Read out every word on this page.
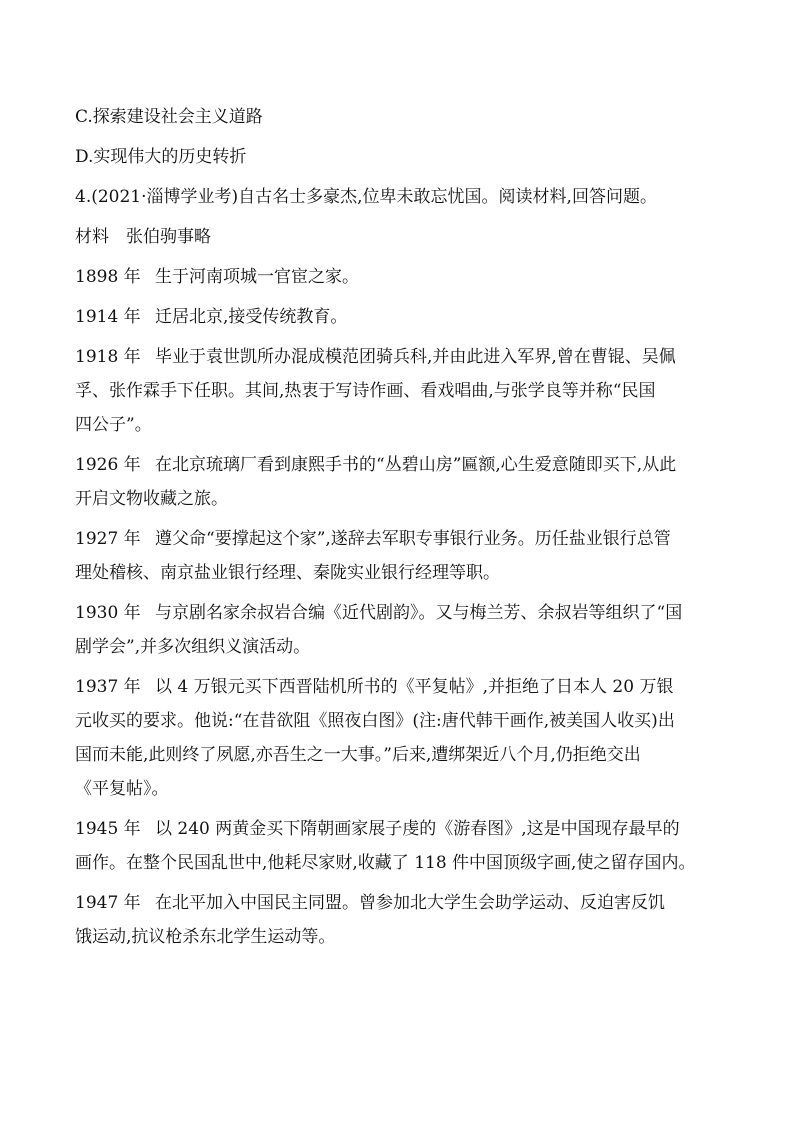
C.探索建设社会主义道路
D.实现伟大的历史转折
4.(2021·淄博学业考)自古名士多豪杰,位卑未敢忘忧国。阅读材料,回答问题。
材料　张伯驹事略
1898 年 生于河南项城一官宦之家。
1914 年 迁居北京,接受传统教育。
1918 年 毕业于袁世凯所办混成模范团骑兵科,并由此进入军界,曾在曹锟、吴佩
孚、张作霖手下任职。其间,热衷于写诗作画、看戏唱曲,与张学良等并称“民国
四公子”。
1926 年 在北京琉璃厂看到康熙手书的“丛碧山房”匾额,心生爱意随即买下,从此
开启文物收藏之旅。
1927 年 遵父命“要撑起这个家”,遂辞去军职专事银行业务。历任盐业银行总管
理处稽核、南京盐业银行经理、秦陇实业银行经理等职。
1930 年 与京剧名家余叔岩合编《近代剧韵》。又与梅兰芳、余叔岩等组织了“国
剧学会”,并多次组织义演活动。
1937 年 以 4 万银元买下西晋陆机所书的《平复帖》,并拒绝了日本人 20 万银
元收买的要求。他说:“在昔欲阻《照夜白图》(注:唐代韩干画作,被美国人收买)出
国而未能,此则终了夙愿,亦吾生之一大事。”后来,遭绑架近八个月,仍拒绝交出
《平复帖》。
1945 年 以 240 两黄金买下隋朝画家展子虔的《游春图》,这是中国现存最早的
画作。在整个民国乱世中,他耗尽家财,收藏了 118 件中国顶级字画,使之留存国内。
1947 年 在北平加入中国民主同盟。曾参加北大学生会助学运动、反迫害反饥
饿运动,抗议枪杀东北学生运动等。
